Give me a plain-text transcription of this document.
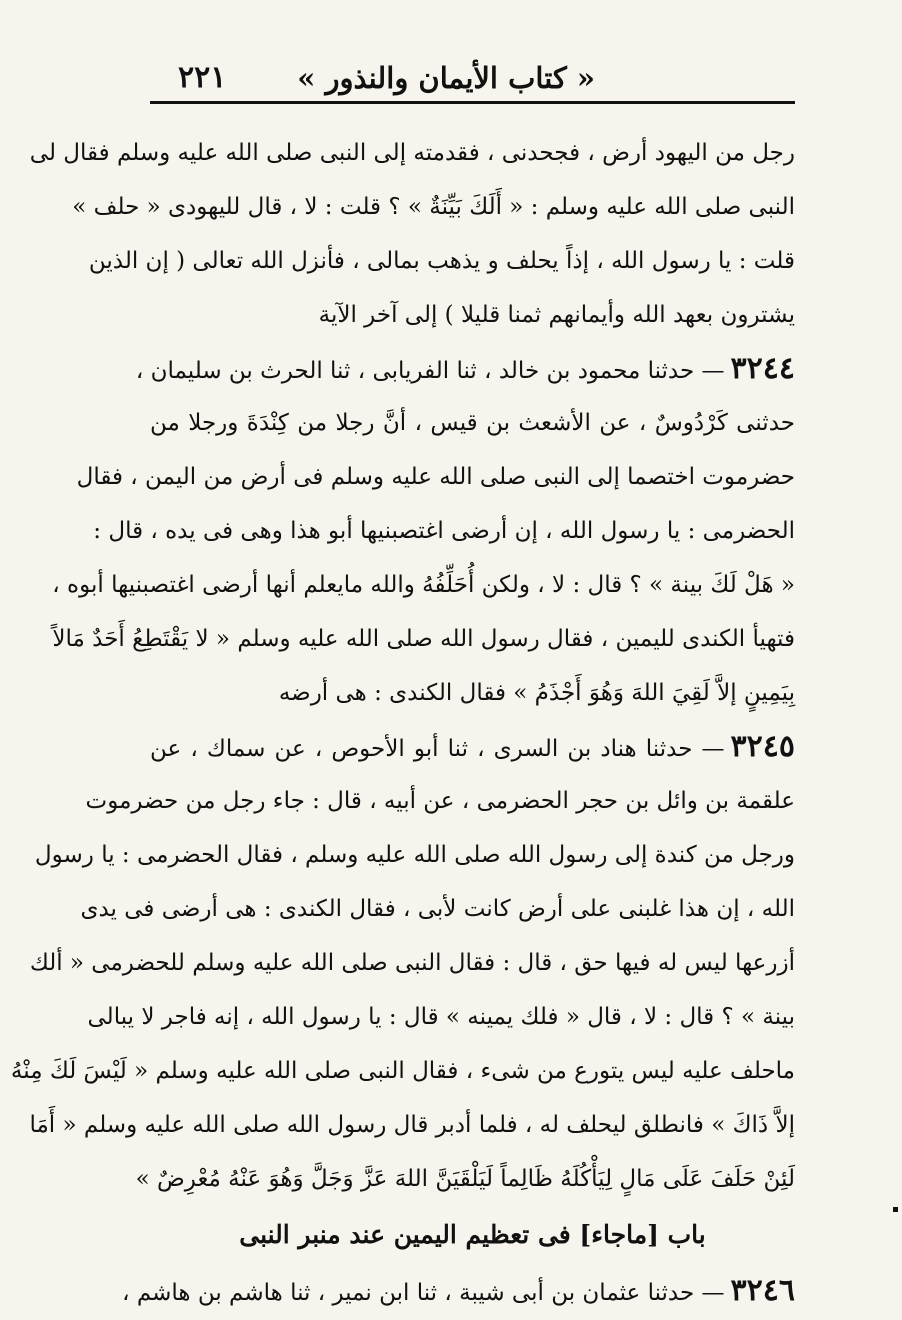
« كتاب الأيمان والنذور »
٢٢١
رجل من اليهود أرض ، فجحدنى ، فقدمته إلى النبى صلى الله عليه وسلم فقال لى
النبى صلى الله عليه وسلم : « أَلَكَ بَيِّنَةٌ » ؟ قلت : لا ، قال لليهودى « حلف »
قلت : يا رسول الله ، إذاً يحلف و يذهب بمالى ، فأنزل الله تعالى ( إن الذين
يشترون بعهد الله وأيمانهم ثمنا قليلا ) إلى آخر الآية
٣٢٤٤— حدثنا محمود بن خالد ، ثنا الفريابى ، ثنا الحرث بن سليمان ،
حدثنى كَرْدُوسٌ ، عن الأشعث بن قيس ، أنَّ رجلا من كِنْدَةَ ورجلا من
حضرموت اختصما إلى النبى صلى الله عليه وسلم فى أرض من اليمن ، فقال
الحضرمى : يا رسول الله ، إن أرضى اغتصبنيها أبو هذا وهى فى يده ، قال :
« هَلْ لَكَ بينة » ؟ قال : لا ، ولكن أُحَلِّفُهُ والله مايعلم أنها أرضى اغتصبنيها أبوه ،
فتهيأ الكندى لليمين ، فقال رسول الله صلى الله عليه وسلم « لا يَقْتَطِعُ أَحَدٌ مَالاً
بِيَمِينٍ إلاَّ لَقِيَ اللهَ وَهُوَ أَجْذَمُ » فقال الكندى : هى أرضه
٣٢٤٥— حدثنا هناد بن السرى ، ثنا أبو الأحوص ، عن سماك ، عن
علقمة بن وائل بن حجر الحضرمى ، عن أبيه ، قال : جاء رجل من حضرموت
ورجل من كندة إلى رسول الله صلى الله عليه وسلم ، فقال الحضرمى : يا رسول
الله ، إن هذا غلبنى على أرض كانت لأبى ، فقال الكندى : هى أرضى فى يدى
أزرعها ليس له فيها حق ، قال : فقال النبى صلى الله عليه وسلم للحضرمى « ألك
بينة » ؟ قال : لا ، قال « فلك يمينه » قال : يا رسول الله ، إنه فاجر لا يبالى
ماحلف عليه ليس يتورع من شىء ، فقال النبى صلى الله عليه وسلم « لَيْسَ لَكَ مِنْهُ
إلاَّ ذَاكَ » فانطلق ليحلف له ، فلما أدبر قال رسول الله صلى الله عليه وسلم « أَمَا
لَئِنْ حَلَفَ عَلَى مَالٍ لِيَأْكُلَهُ ظَالِماً لَيَلْقَيَنَّ اللهَ عَزَّ وَجَلَّ وَهُوَ عَنْهُ مُعْرِضٌ »
باب [ماجاء] فى تعظيم اليمين عند منبر النبى
٣٢٤٦— حدثنا عثمان بن أبى شيبة ، ثنا ابن نمير ، ثنا هاشم بن هاشم ،
